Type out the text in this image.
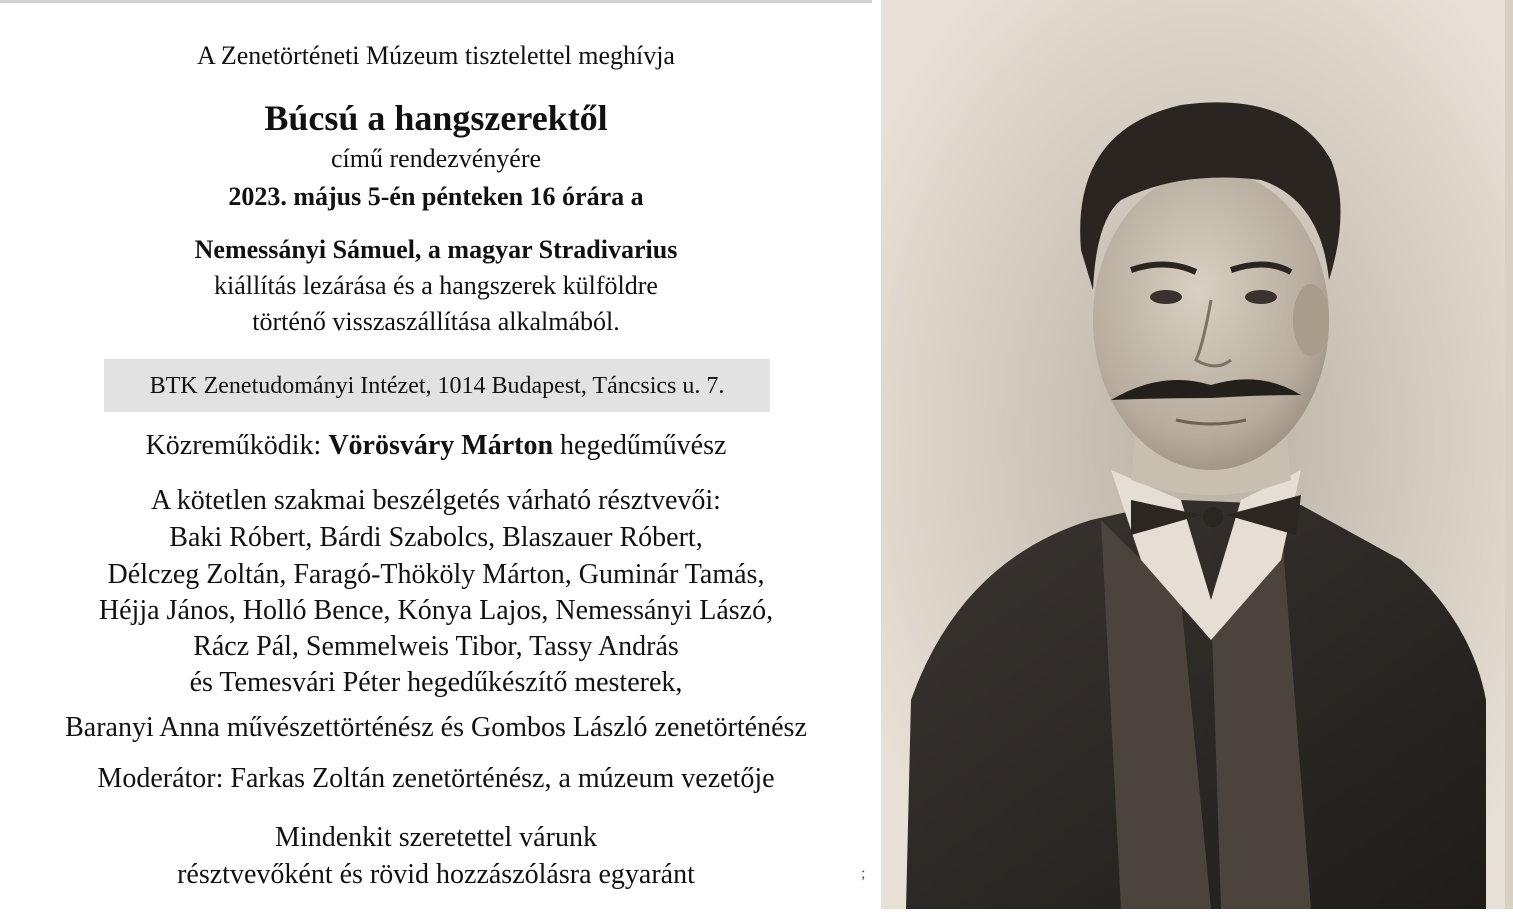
A Zenetörténeti Múzeum tisztelettel meghívja
Búcsú a hangszerektől
című rendezvényére
2023. május 5-én pénteken 16 órára a
Nemessányi Sámuel, a magyar Stradivarius
kiállítás lezárása és a hangszerek külföldre
történő visszaszállítása alkalmából.
BTK Zenetudományi Intézet, 1014 Budapest, Táncsics u. 7.
Közreműködik: Vörösváry Márton hegedűművész
A kötetlen szakmai beszélgetés várható résztvevői:
Baki Róbert, Bárdi Szabolcs, Blaszauer Róbert,
Délczeg Zoltán, Faragó-Thököly Márton, Guminár Tamás,
Héjja János, Holló Bence, Kónya Lajos, Nemessányi Lászó,
Rácz Pál, Semmelweis Tibor, Tassy András
és Temesvári Péter hegedűkészítő mesterek,
Baranyi Anna művészettörténész és Gombos László zenetörténész
Moderátor: Farkas Zoltán zenetörténész, a múzeum vezetője
Mindenkit szeretettel várunk
résztvevőként és rövid hozzászólásra egyaránt	;
